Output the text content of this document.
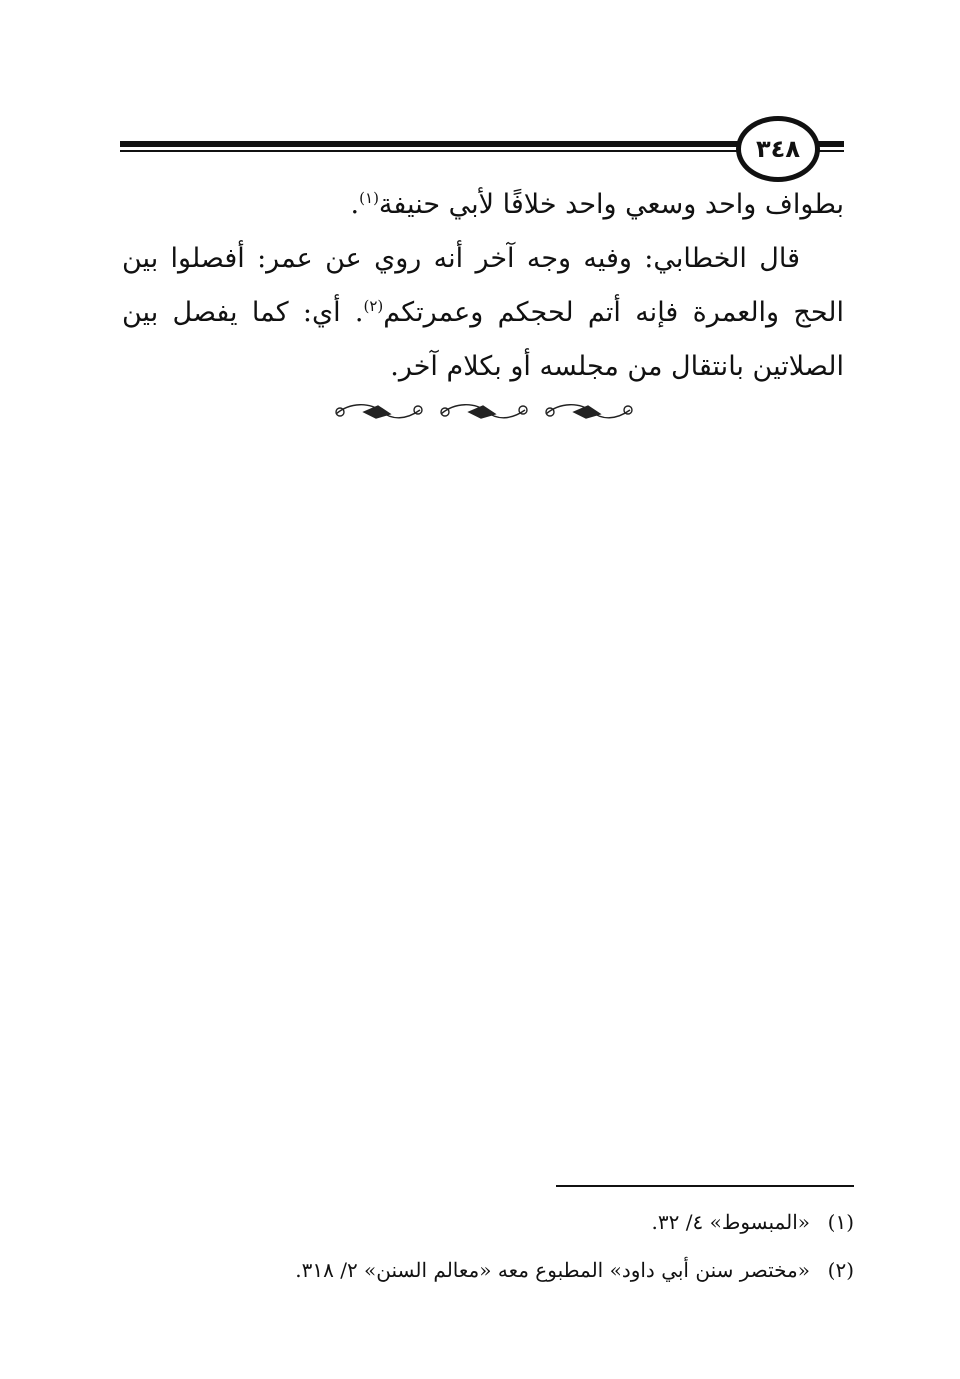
٣٤٨

بطواف واحد وسعي واحد خلافًا لأبي حنيفة$^{(١)}$.

قال الخطابي: وفيه وجه آخر أنه روي عن عمر: أفصلوا بين الحج والعمرة فإنه أتم لحجكم وعمرتكم$^{(٢)}$. أي: كما يفصل بين الصلاتين بانتقال من مجلسه أو بكلام آخر.

(١)«المبسوط» ٤/ ٣٢.

(٢)«مختصر سنن أبي داود» المطبوع معه «معالم السنن» ٢/ ٣١٨.
